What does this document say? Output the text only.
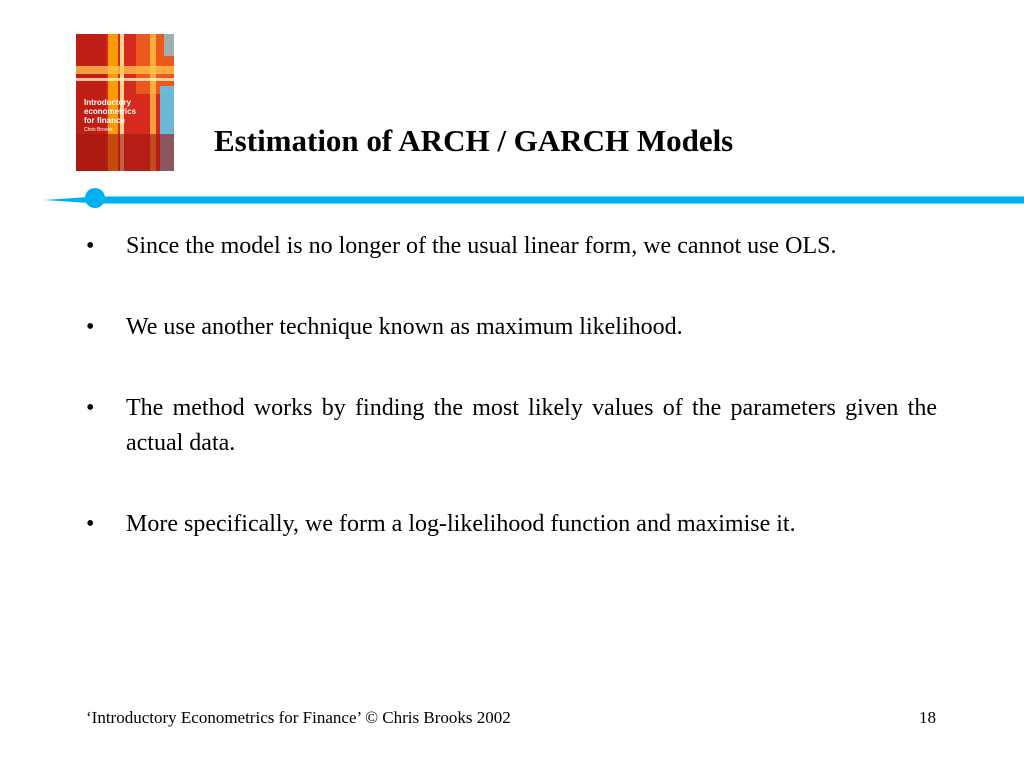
Introductory
econometrics
for finance
Chris Brooks	Estimation of ARCH / GARCH Models
• Since the model is no longer of the usual linear form, we cannot use OLS.
• We use another technique known as maximum likelihood.
• The method works by finding the most likely values of the parameters given the actual data.
• More specifically, we form a log-likelihood function and maximise it.
‘Introductory Econometrics for Finance’ © Chris Brooks 2002	18
